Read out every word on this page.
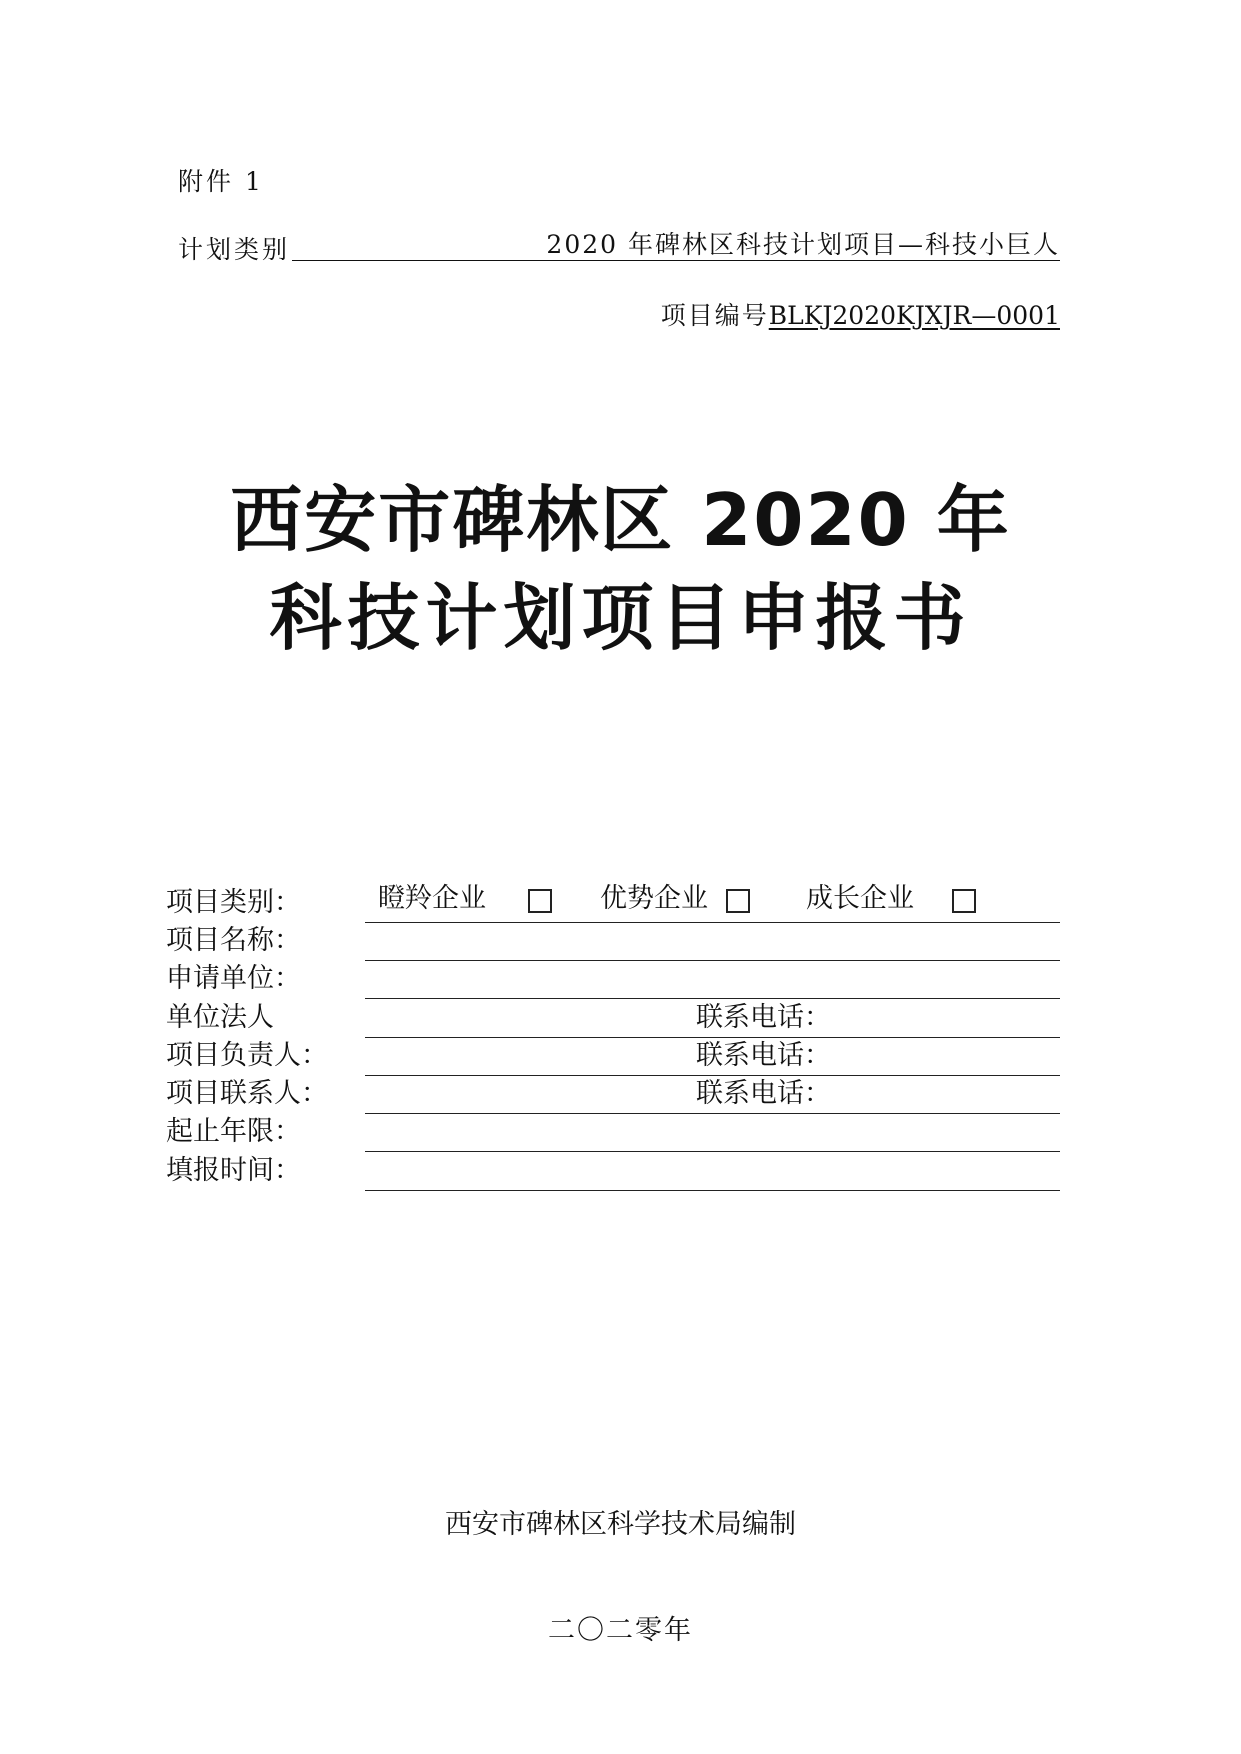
附件 1
计划类别	2020 年碑林区科技计划项目—科技小巨人
项目编号BLKJ2020KJXJR—0001
西安市碑林区 2020 年
科技计划项目申报书
项目类别：	瞪羚企业	优势企业	成长企业
项目名称：
申请单位：
单位法人	联系电话：
项目负责人：	联系电话：
项目联系人：	联系电话：
起止年限：
填报时间：
西安市碑林区科学技术局编制
二〇二零年
